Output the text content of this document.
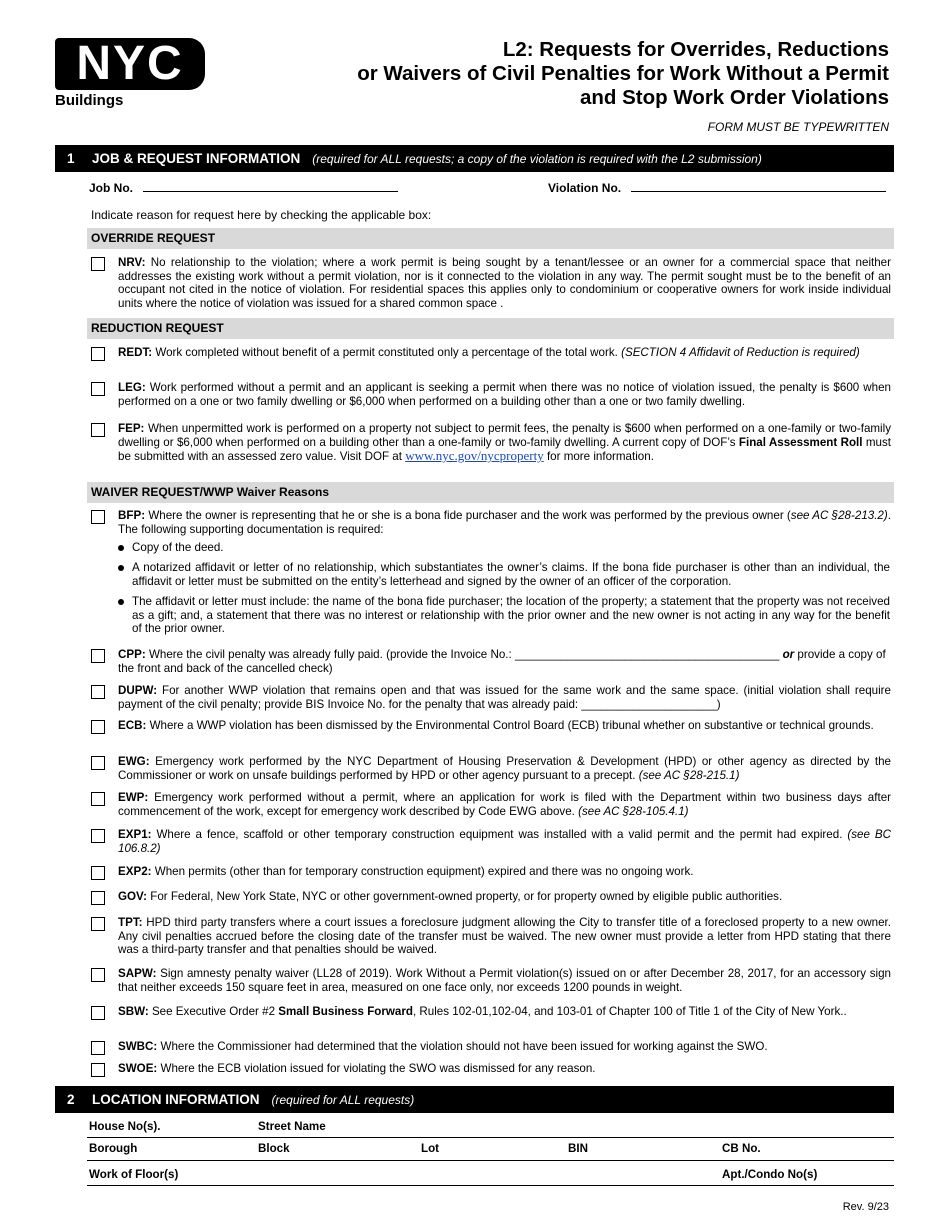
NYC
Buildings
L2: Requests for Overrides, Reductions
or Waivers of Civil Penalties for Work Without a Permit
and Stop Work Order Violations
FORM MUST BE TYPEWRITTEN
1 JOB & REQUEST INFORMATION (required for ALL requests; a copy of the violation is required with the L2 submission)
Job No.	Violation No.
Indicate reason for request here by checking the applicable box:
OVERRIDE REQUEST
NRV: No relationship to the violation; where a work permit is being sought by a tenant/lessee or an owner for a commercial space that neither addresses the existing work without a permit violation, nor is it connected to the violation in any way. The permit sought must be to the benefit of an occupant not cited in the notice of violation. For residential spaces this applies only to condominium or cooperative owners for work inside individual units where the notice of violation was issued for a shared common space .
REDUCTION REQUEST
REDT: Work completed without benefit of a permit constituted only a percentage of the total work. (SECTION 4 Affidavit of Reduction is required)
LEG: Work performed without a permit and an applicant is seeking a permit when there was no notice of violation issued, the penalty is $600 when performed on a one or two family dwelling or $6,000 when performed on a building other than a one or two family dwelling.
FEP: When unpermitted work is performed on a property not subject to permit fees, the penalty is $600 when performed on a one-family or two-family dwelling or $6,000 when performed on a building other than a one-family or two-family dwelling. A current copy of DOF’s Final Assessment Roll must be submitted with an assessed zero value. Visit DOF at www.nyc.gov/nycproperty for more information.
WAIVER REQUEST/WWP Waiver Reasons
BFP: Where the owner is representing that he or she is a bona fide purchaser and the work was performed by the previous owner (see AC §28-213.2). The following supporting documentation is required:
Copy of the deed.
A notarized affidavit or letter of no relationship, which substantiates the owner’s claims. If the bona fide purchaser is other than an individual, the affidavit or letter must be submitted on the entity’s letterhead and signed by the owner of an officer of the corporation.
The affidavit or letter must include: the name of the bona fide purchaser; the location of the property; a statement that the property was not received as a gift; and, a statement that there was no interest or relationship with the prior owner and the new owner is not acting in any way for the benefit of the prior owner.
CPP: Where the civil penalty was already fully paid. (provide the Invoice No.: _________________________________________ or provide a copy of the front and back of the cancelled check)
DUPW: For another WWP violation that remains open and that was issued for the same work and the same space. (initial violation shall require payment of the civil penalty; provide BIS Invoice No. for the penalty that was already paid: _____________________)
ECB: Where a WWP violation has been dismissed by the Environmental Control Board (ECB) tribunal whether on substantive or technical grounds.
EWG: Emergency work performed by the NYC Department of Housing Preservation & Development (HPD) or other agency as directed by the Commissioner or work on unsafe buildings performed by HPD or other agency pursuant to a precept. (see AC §28-215.1)
EWP: Emergency work performed without a permit, where an application for work is filed with the Department within two business days after commencement of the work, except for emergency work described by Code EWG above. (see AC §28-105.4.1)
EXP1: Where a fence, scaffold or other temporary construction equipment was installed with a valid permit and the permit had expired. (see BC 106.8.2)
EXP2: When permits (other than for temporary construction equipment) expired and there was no ongoing work.
GOV: For Federal, New York State, NYC or other government-owned property, or for property owned by eligible public authorities.
TPT: HPD third party transfers where a court issues a foreclosure judgment allowing the City to transfer title of a foreclosed property to a new owner. Any civil penalties accrued before the closing date of the transfer must be waived. The new owner must provide a letter from HPD stating that there was a third-party transfer and that penalties should be waived.
SAPW: Sign amnesty penalty waiver (LL28 of 2019). Work Without a Permit violation(s) issued on or after December 28, 2017, for an accessory sign that neither exceeds 150 square feet in area, measured on one face only, nor exceeds 1200 pounds in weight.
SBW: See Executive Order #2 Small Business Forward, Rules 102-01,102-04, and 103-01 of Chapter 100 of Title 1 of the City of New York..
SWBC: Where the Commissioner had determined that the violation should not have been issued for working against the SWO.
SWOE: Where the ECB violation issued for violating the SWO was dismissed for any reason.
2 LOCATION INFORMATION (required for ALL requests)
House No(s).	Street Name
Borough	Block	Lot	BIN	CB No.
Work of Floor(s)	Apt./Condo No(s)
Rev. 9/23
